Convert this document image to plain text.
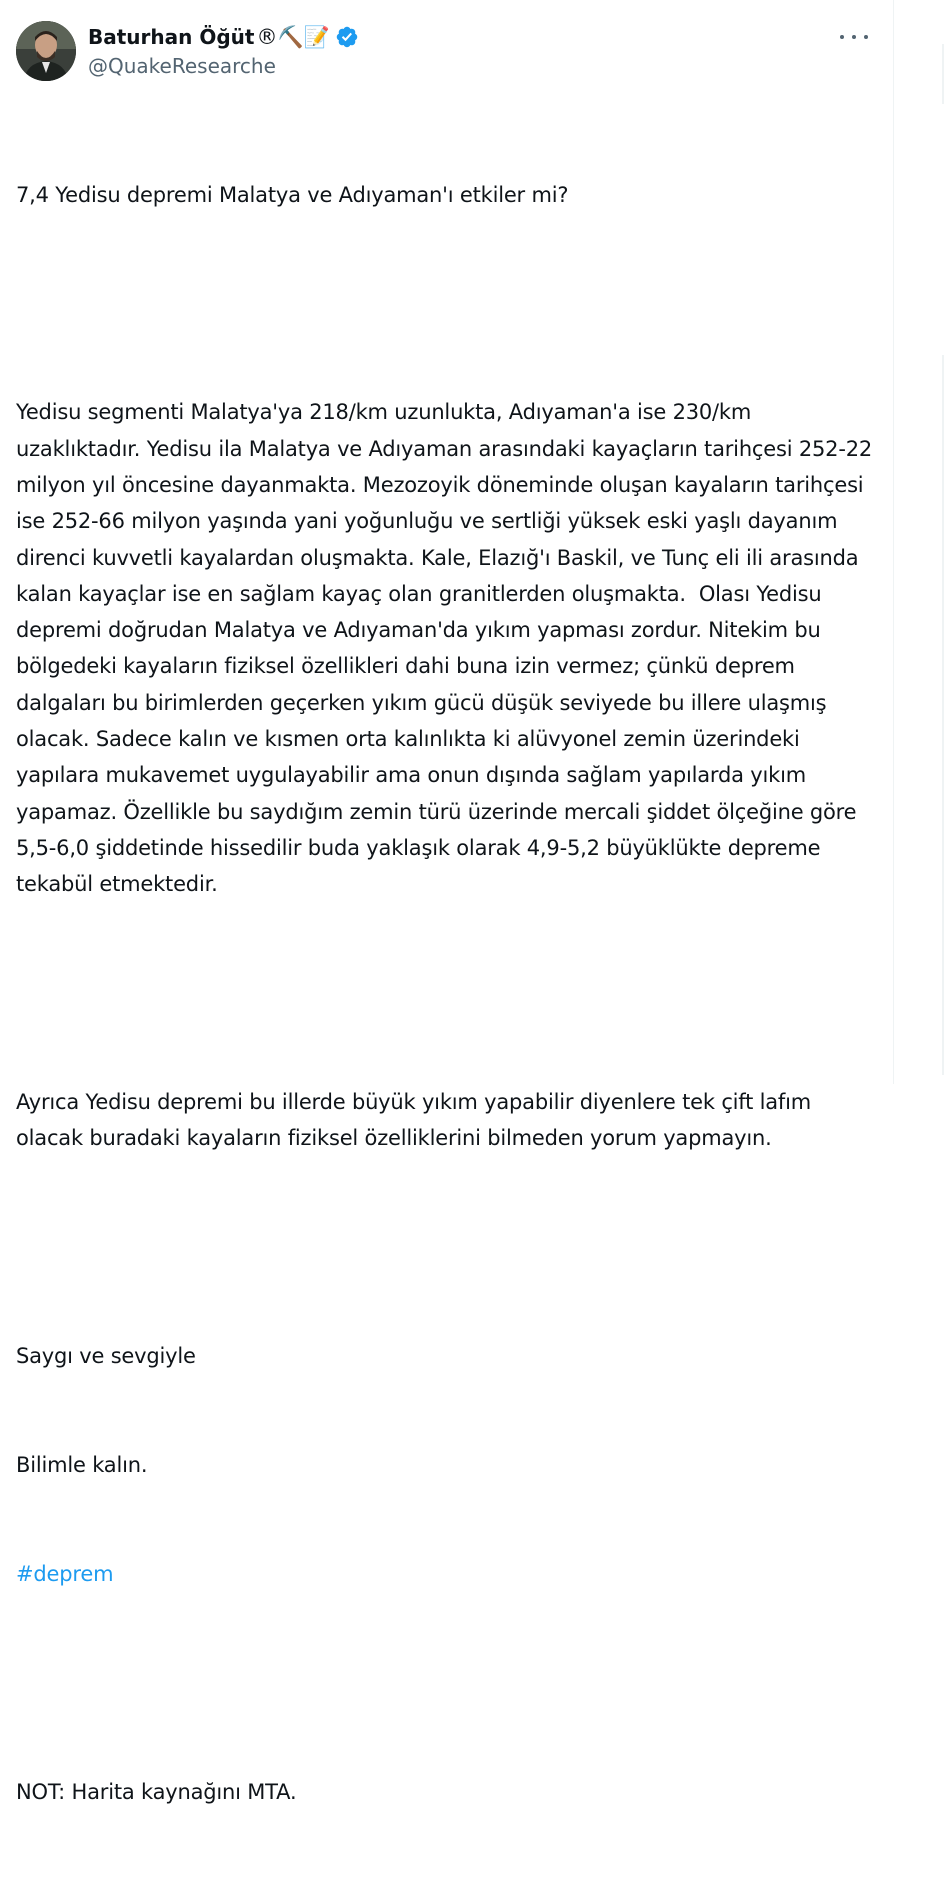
Baturhan Öğüt ®⛏️📝
@QuakeResearche

7,4 Yedisu depremi Malatya ve Adıyaman'ı etkiler mi?

Yedisu segmenti Malatya'ya 218/km uzunlukta, Adıyaman'a ise 230/km uzaklıktadır. Yedisu ila Malatya ve Adıyaman arasındaki kayaçların tarihçesi 252-22 milyon yıl öncesine dayanmakta. Mezozoyik döneminde oluşan kayaların tarihçesi ise 252-66 milyon yaşında yani yoğunluğu ve sertliği yüksek eski yaşlı dayanım direnci kuvvetli kayalardan oluşmakta. Kale, Elazığ'ı Baskil, ve Tunç eli ili arasında kalan kayaçlar ise en sağlam kayaç olan granitlerden oluşmakta.  Olası Yedisu depremi doğrudan Malatya ve Adıyaman'da yıkım yapması zordur. Nitekim bu bölgedeki kayaların fiziksel özellikleri dahi buna izin vermez; çünkü deprem dalgaları bu birimlerden geçerken yıkım gücü düşük seviyede bu illere ulaşmış olacak. Sadece kalın ve kısmen orta kalınlıkta ki alüvyonel zemin üzerindeki yapılara mukavemet uygulayabilir ama onun dışında sağlam yapılarda yıkım yapamaz. Özellikle bu saydığım zemin türü üzerinde mercali şiddet ölçeğine göre 5,5-6,0 şiddetinde hissedilir buda yaklaşık olarak 4,9-5,2 büyüklükte depreme tekabül etmektedir.

Ayrıca Yedisu depremi bu illerde büyük yıkım yapabilir diyenlere tek çift lafım olacak buradaki kayaların fiziksel özelliklerini bilmeden yorum yapmayın.

Saygı ve sevgiyle

Bilimle kalın.

#deprem

NOT: Harita kaynağını MTA.
